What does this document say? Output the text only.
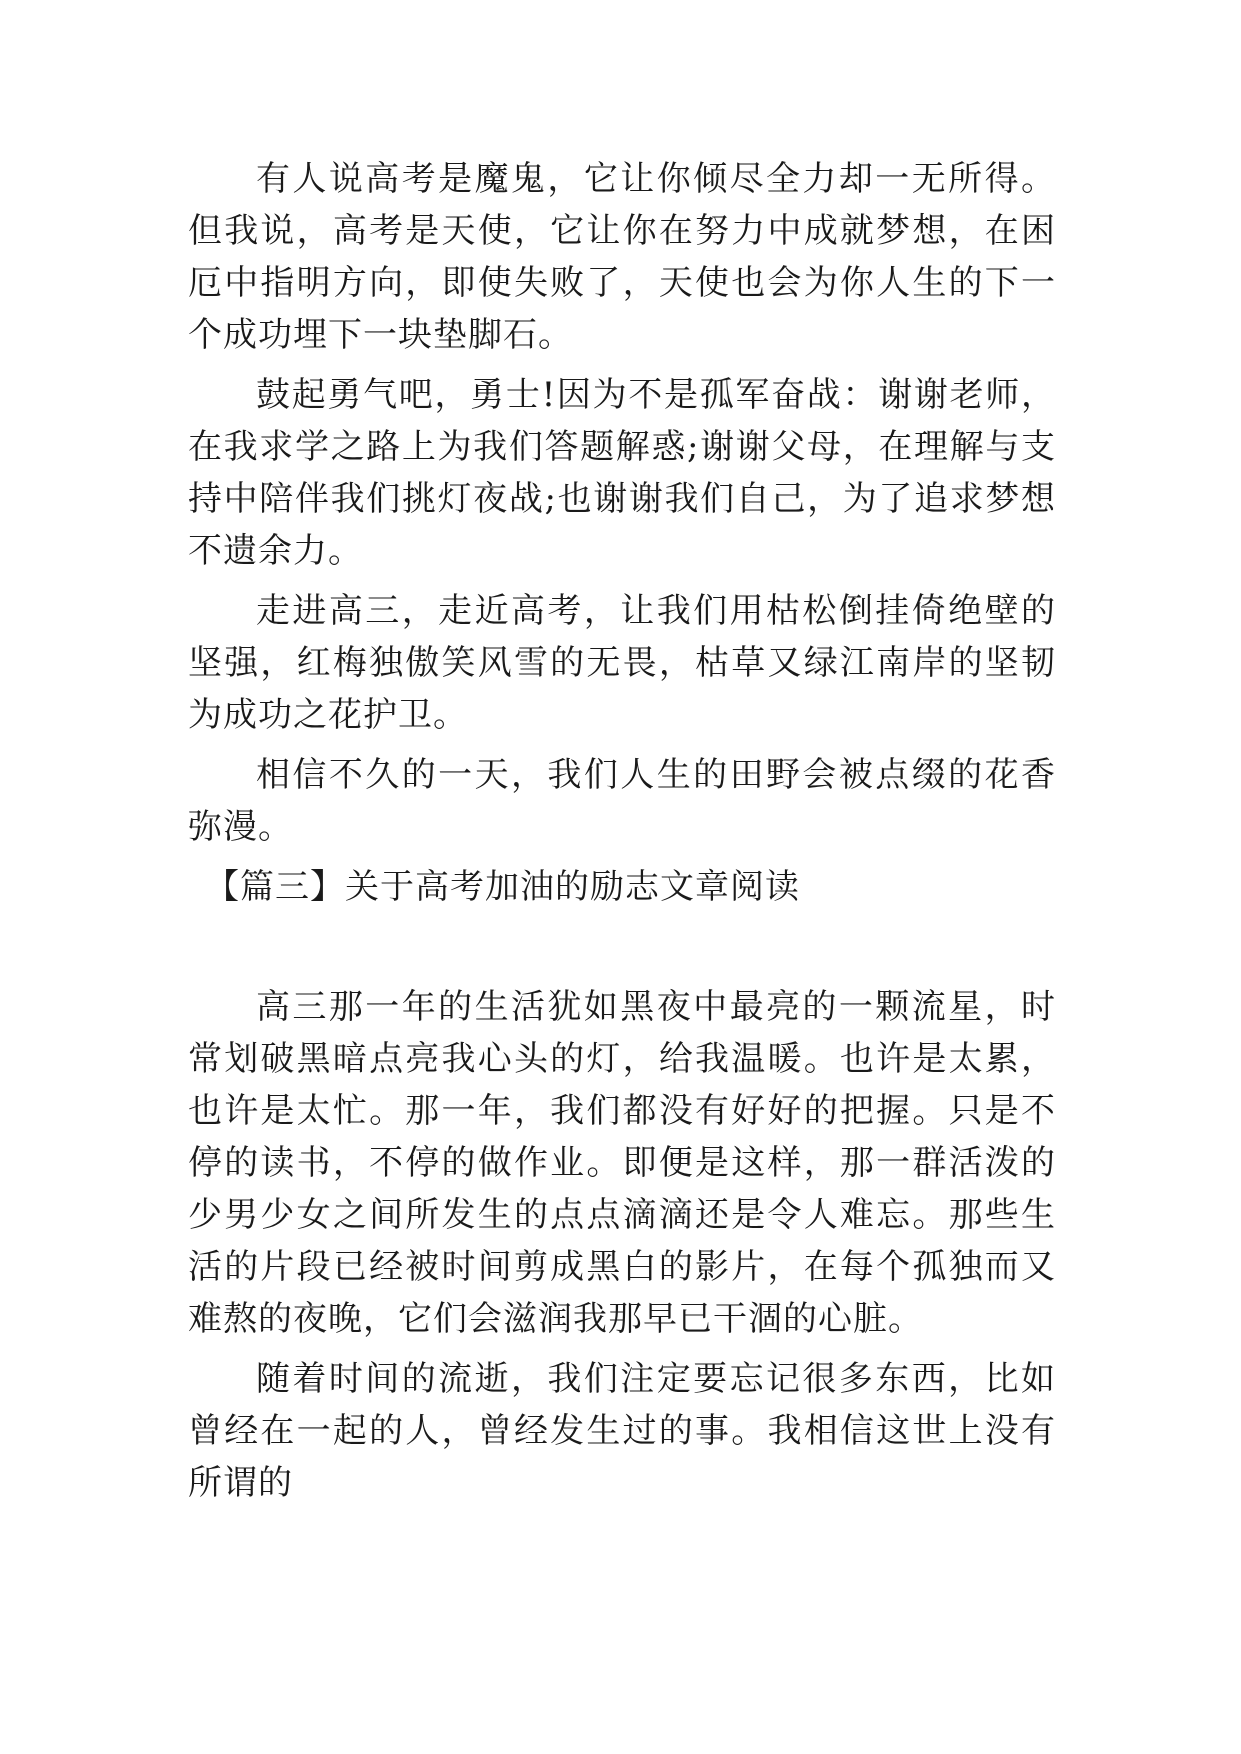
有人说高考是魔鬼，它让你倾尽全力却一无所得。但我说，高考是天使，它让你在努力中成就梦想，在困厄中指明方向，即使失败了，天使也会为你人生的下一个成功埋下一块垫脚石。

鼓起勇气吧，勇士!因为不是孤军奋战：谢谢老师，在我求学之路上为我们答题解惑;谢谢父母，在理解与支持中陪伴我们挑灯夜战;也谢谢我们自己，为了追求梦想不遗余力。

走进高三，走近高考，让我们用枯松倒挂倚绝壁的坚强，红梅独傲笑风雪的无畏，枯草又绿江南岸的坚韧为成功之花护卫。

相信不久的一天，我们人生的田野会被点缀的花香弥漫。

【篇三】关于高考加油的励志文章阅读

高三那一年的生活犹如黑夜中最亮的一颗流星，时常划破黑暗点亮我心头的灯，给我温暖。也许是太累，也许是太忙。那一年，我们都没有好好的把握。只是不停的读书，不停的做作业。即便是这样，那一群活泼的少男少女之间所发生的点点滴滴还是令人难忘。那些生活的片段已经被时间剪成黑白的影片，在每个孤独而又难熬的夜晚，它们会滋润我那早已干涸的心脏。

随着时间的流逝，我们注定要忘记很多东西，比如曾经在一起的人，曾经发生过的事。我相信这世上没有所谓的
